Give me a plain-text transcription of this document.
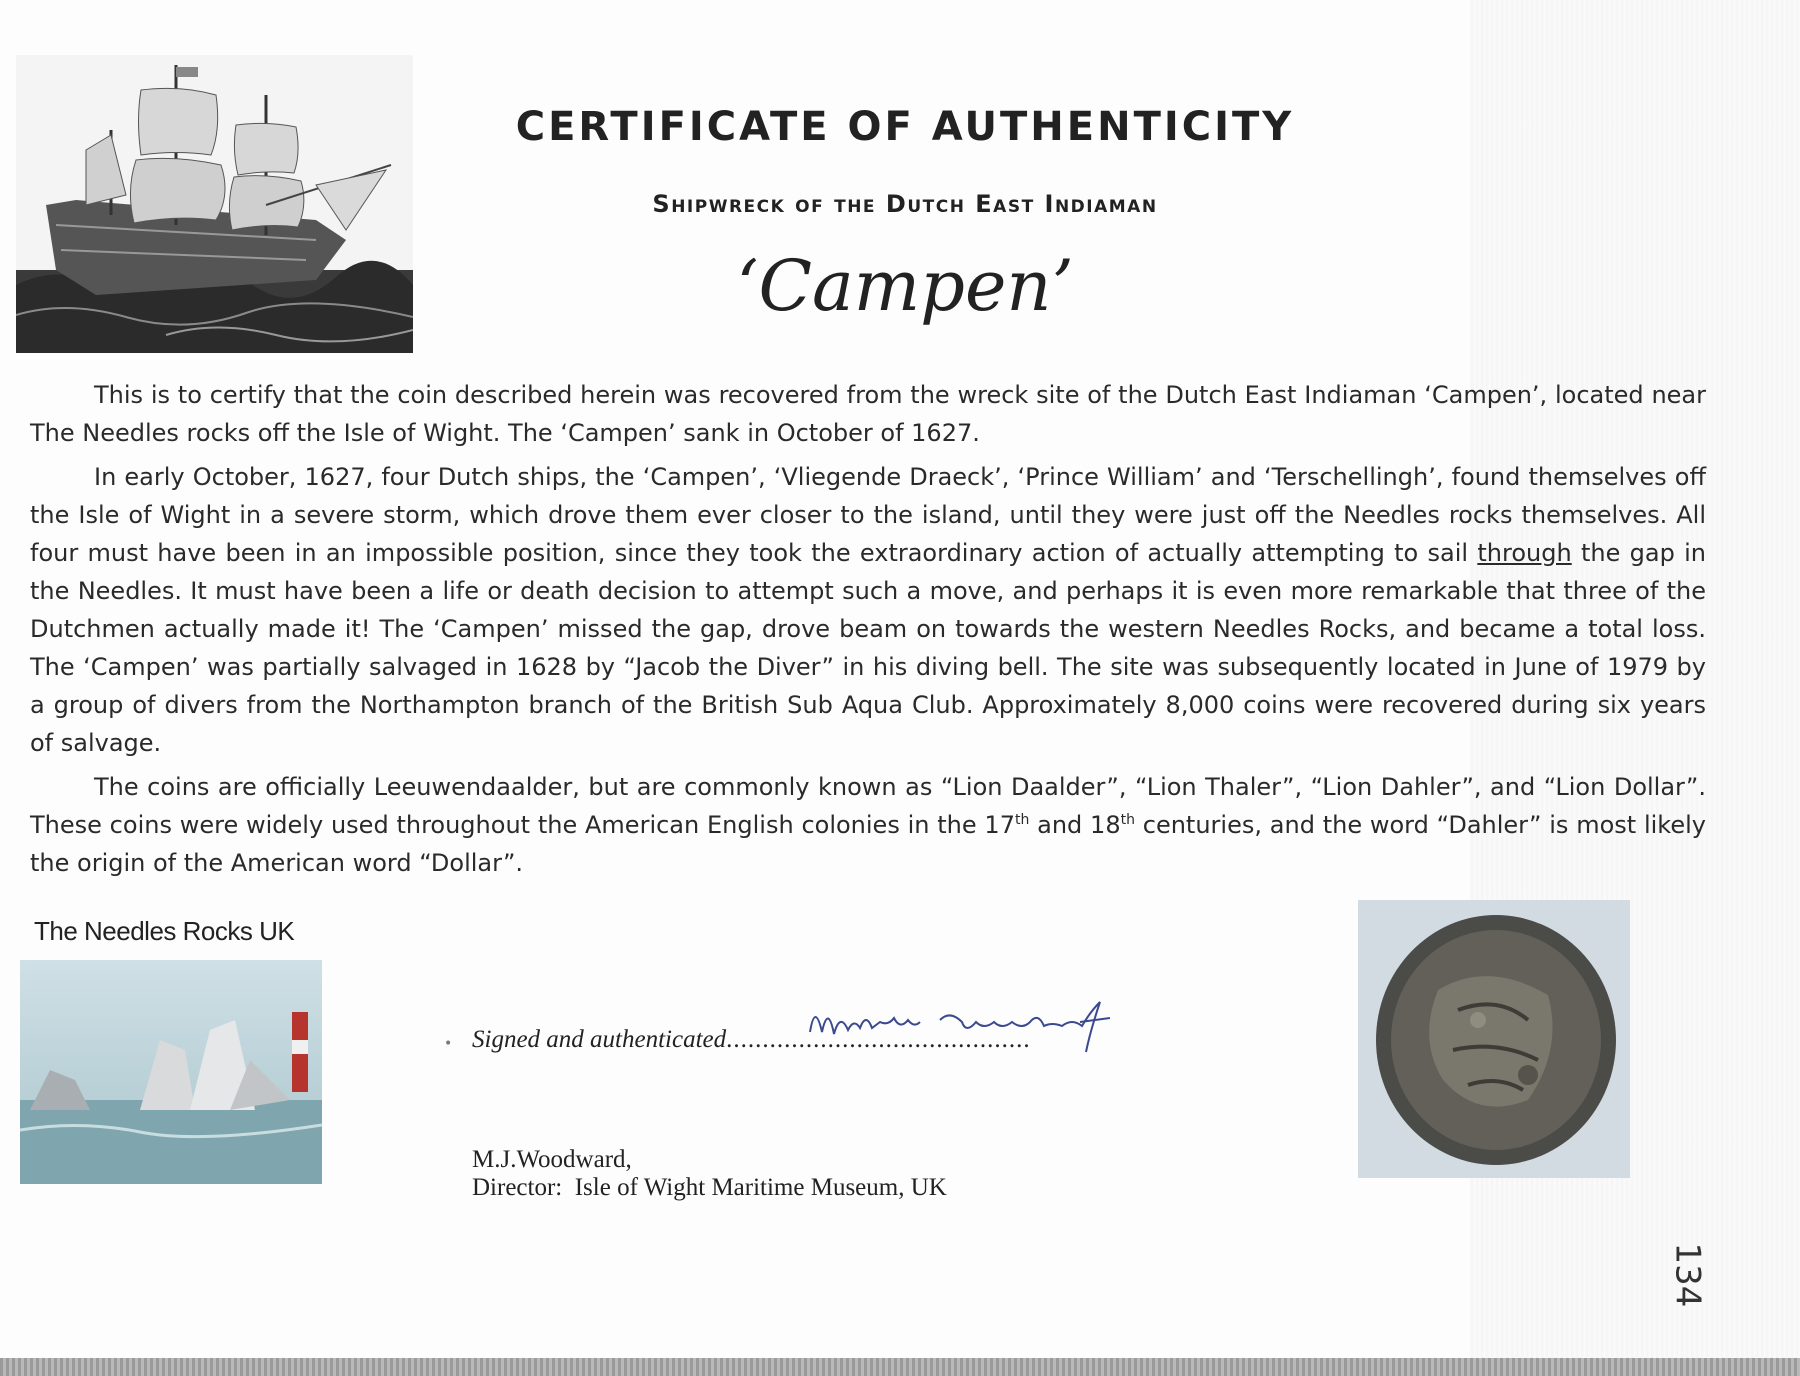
CERTIFICATE OF AUTHENTICITY
Shipwreck of the Dutch East Indiaman
‘Campen’

This is to certify that the coin described herein was recovered from the wreck site of the Dutch East Indiaman ‘Campen’, located near The Needles rocks off the Isle of Wight. The ‘Campen’ sank in October of 1627.

In early October, 1627, four Dutch ships, the ‘Campen’, ‘Vliegende Draeck’, ‘Prince William’ and ‘Terschellingh’, found themselves off the Isle of Wight in a severe storm, which drove them ever closer to the island, until they were just off the Needles rocks themselves. All four must have been in an impossible position, since they took the extraordinary action of actually attempting to sail through the gap in the Needles. It must have been a life or death decision to attempt such a move, and perhaps it is even more remarkable that three of the Dutchmen actually made it! The ‘Campen’ missed the gap, drove beam on towards the western Needles Rocks, and became a total loss. The ‘Campen’ was partially salvaged in 1628 by “Jacob the Diver” in his diving bell. The site was subsequently located in June of 1979 by a group of divers from the Northampton branch of the British Sub Aqua Club. Approximately 8,000 coins were recovered during six years of salvage.

The coins are officially Leeuwendaalder, but are commonly known as “Lion Daalder”, “Lion Thaler”, “Lion Dahler”, and “Lion Dollar”. These coins were widely used throughout the American English colonies in the 17th and 18th centuries, and the word “Dahler” is most likely the origin of the American word “Dollar”.

The Needles Rocks UK
• Signed and authenticated..........................................
M.J.Woodward,
Director:  Isle of Wight Maritime Museum, UK
134
